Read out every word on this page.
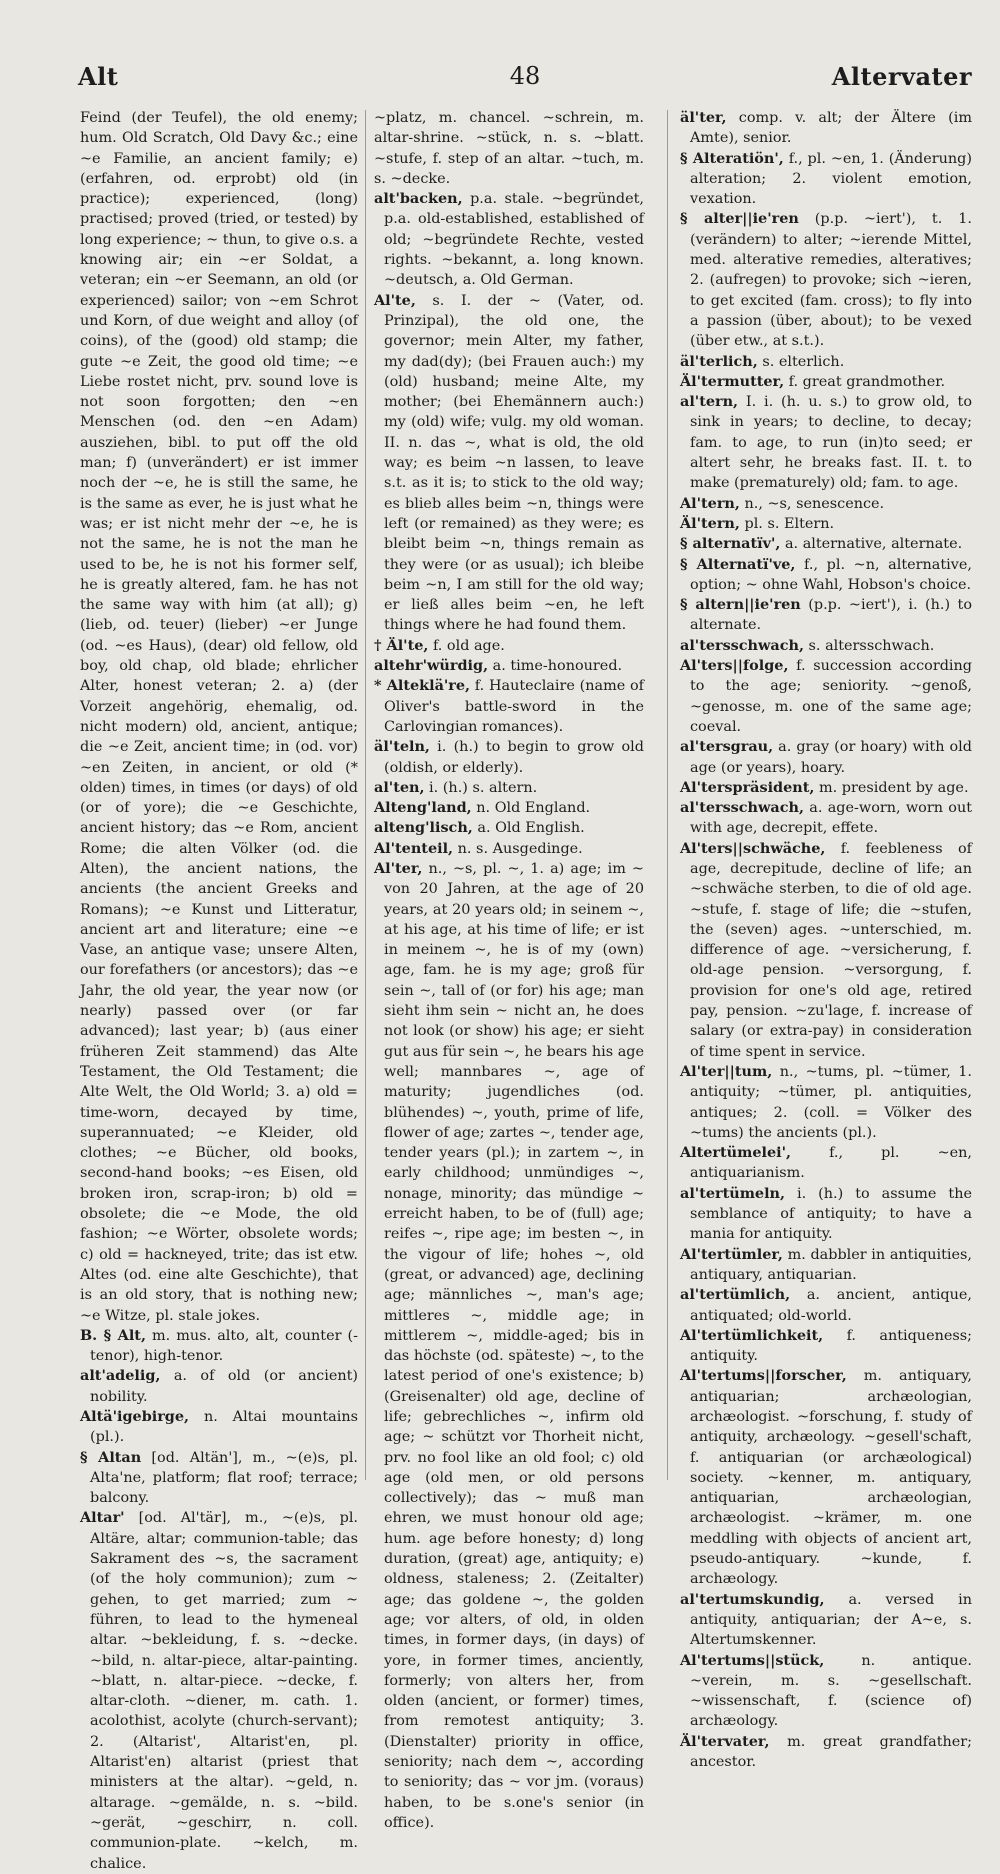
Alt	48	Altervater

Feind (der Teufel), the old enemy; hum. Old Scratch, Old Davy &c.; eine ~e Familie, an ancient family; e) (erfahren, od. erprobt) old (in practice); experienced, (long) practised; proved (tried, or tested) by long experience; ~ thun, to give o.s. a knowing air; ein ~er Soldat, a veteran; ein ~er Seemann, an old (or experienced) sailor; von ~em Schrot und Korn, of due weight and alloy (of coins), of the (good) old stamp; die gute ~e Zeit, the good old time; ~e Liebe rostet nicht, prv. sound love is not soon forgotten; den ~en Menschen (od. den ~en Adam) ausziehen, bibl. to put off the old man; f) (unverändert) er ist immer noch der ~e, he is still the same, he is the same as ever, he is just what he was; er ist nicht mehr der ~e, he is not the same, he is not the man he used to be, he is not his former self, he is greatly altered, fam. he has not the same way with him (at all); g) (lieb, od. teuer) (lieber) ~er Junge (od. ~es Haus), (dear) old fellow, old boy, old chap, old blade; ehrlicher Alter, honest veteran; 2. a) (der Vorzeit angehörig, ehemalig, od. nicht modern) old, ancient, antique; die ~e Zeit, ancient time; in (od. vor) ~en Zeiten, in ancient, or old (* olden) times, in times (or days) of old (or of yore); die ~e Geschichte, ancient history; das ~e Rom, ancient Rome; die alten Völker (od. die Alten), the ancient nations, the ancients (the ancient Greeks and Romans); ~e Kunst und Litteratur, ancient art and literature; eine ~e Vase, an antique vase; unsere Alten, our forefathers (or ancestors); das ~e Jahr, the old year, the year now (or nearly) passed over (or far advanced); last year; b) (aus einer früheren Zeit stammend) das Alte Testament, the Old Testament; die Alte Welt, the Old World; 3. a) old = time-worn, decayed by time, superannuated; ~e Kleider, old clothes; ~e Bücher, old books, second-hand books; ~es Eisen, old broken iron, scrap-iron; b) old = obsolete; die ~e Mode, the old fashion; ~e Wörter, obsolete words; c) old = hackneyed, trite; das ist etw. Altes (od. eine alte Geschichte), that is an old story, that is nothing new; ~e Witze, pl. stale jokes.

B. § Alt, m. mus. alto, alt, counter (-tenor), high-tenor.

alt'adelig, a. of old (or ancient) nobility.

Altä'igebirge, n. Altai mountains (pl.).

§ Altan [od. Altän'], m., ~(e)s, pl. Alta'ne, platform; flat roof; terrace; balcony.

Altar' [od. Al'tär], m., ~(e)s, pl. Altäre, altar; communion-table; das Sakrament des ~s, the sacrament (of the holy communion); zum ~ gehen, to get married; zum ~ führen, to lead to the hymeneal altar. ~bekleidung, f. s. ~decke. ~bild, n. altar-piece, altar-painting. ~blatt, n. altar-piece. ~decke, f. altar-cloth. ~diener, m. cath. 1. acolothist, acolyte (church-servant); 2. (Altarist', Altarist'en, pl. Altarist'en) altarist (priest that ministers at the altar). ~geld, n. altarage. ~gemälde, n. s. ~bild. ~gerät, ~geschirr, n. coll. communion-plate. ~kelch, m. chalice.

~platz, m. chancel. ~schrein, m. altar-shrine. ~stück, n. s. ~blatt. ~stufe, f. step of an altar. ~tuch, m. s. ~decke.

alt'backen, p.a. stale. ~begründet, p.a. old-established, established of old; ~begründete Rechte, vested rights. ~bekannt, a. long known. ~deutsch, a. Old German.

Al'te, s. I. der ~ (Vater, od. Prinzipal), the old one, the governor; mein Alter, my father, my dad(dy); (bei Frauen auch:) my (old) husband; meine Alte, my mother; (bei Ehemännern auch:) my (old) wife; vulg. my old woman. II. n. das ~, what is old, the old way; es beim ~n lassen, to leave s.t. as it is; to stick to the old way; es blieb alles beim ~n, things were left (or remained) as they were; es bleibt beim ~n, things remain as they were (or as usual); ich bleibe beim ~n, I am still for the old way; er ließ alles beim ~en, he left things where he had found them.

† Äl'te, f. old age.

altehr'würdig, a. time-honoured.

* Alteklä're, f. Hauteclaire (name of Oliver's battle-sword in the Carlovingian romances).

äl'teln, i. (h.) to begin to grow old (oldish, or elderly).

al'ten, i. (h.) s. altern.

Alteng'land, n. Old England.

alteng'lisch, a. Old English.

Al'tenteil, n. s. Ausgedinge.

Al'ter, n., ~s, pl. ~, 1. a) age; im ~ von 20 Jahren, at the age of 20 years, at 20 years old; in seinem ~, at his age, at his time of life; er ist in meinem ~, he is of my (own) age, fam. he is my age; groß für sein ~, tall of (or for) his age; man sieht ihm sein ~ nicht an, he does not look (or show) his age; er sieht gut aus für sein ~, he bears his age well; mannbares ~, age of maturity; jugendliches (od. blühendes) ~, youth, prime of life, flower of age; zartes ~, tender age, tender years (pl.); in zartem ~, in early childhood; unmündiges ~, nonage, minority; das mündige ~ erreicht haben, to be of (full) age; reifes ~, ripe age; im besten ~, in the vigour of life; hohes ~, old (great, or advanced) age, declining age; männliches ~, man's age; mittleres ~, middle age; in mittlerem ~, middle-aged; bis in das höchste (od. späteste) ~, to the latest period of one's existence; b) (Greisenalter) old age, decline of life; gebrechliches ~, infirm old age; ~ schützt vor Thorheit nicht, prv. no fool like an old fool; c) old age (old men, or old persons collectively); das ~ muß man ehren, we must honour old age; hum. age before honesty; d) long duration, (great) age, antiquity; e) oldness, staleness; 2. (Zeitalter) age; das goldene ~, the golden age; vor alters, of old, in olden times, in former days, (in days) of yore, in former times, anciently, formerly; von alters her, from olden (ancient, or former) times, from remotest antiquity; 3. (Dienstalter) priority in office, seniority; nach dem ~, according to seniority; das ~ vor jm. (voraus) haben, to be s.one's senior (in office).

äl'ter, comp. v. alt; der Ältere (im Amte), senior.

§ Alteratiön', f., pl. ~en, 1. (Änderung) alteration; 2. violent emotion, vexation.

§ alter||ie'ren (p.p. ~iert'), t. 1. (verändern) to alter; ~ierende Mittel, med. alterative remedies, alteratives; 2. (aufregen) to provoke; sich ~ieren, to get excited (fam. cross); to fly into a passion (über, about); to be vexed (über etw., at s.t.).

äl'terlich, s. elterlich.

Äl'termutter, f. great grandmother.

al'tern, I. i. (h. u. s.) to grow old, to sink in years; to decline, to decay; fam. to age, to run (in)to seed; er altert sehr, he breaks fast. II. t. to make (prematurely) old; fam. to age.

Al'tern, n., ~s, senescence.

Äl'tern, pl. s. Eltern.

§ alternatïv', a. alternative, alternate.

§ Alternatï've, f., pl. ~n, alternative, option; ~ ohne Wahl, Hobson's choice.

§ altern||ie'ren (p.p. ~iert'), i. (h.) to alternate.

al'tersschwach, s. altersschwach.

Al'ters||folge, f. succession according to the age; seniority. ~genoß, ~genosse, m. one of the same age; coeval.

al'tersgrau, a. gray (or hoary) with old age (or years), hoary.

Al'terspräsident, m. president by age.

al'tersschwach, a. age-worn, worn out with age, decrepit, effete.

Al'ters||schwäche, f. feebleness of age, decrepitude, decline of life; an ~schwäche sterben, to die of old age. ~stufe, f. stage of life; die ~stufen, the (seven) ages. ~unterschied, m. difference of age. ~versicherung, f. old-age pension. ~versorgung, f. provision for one's old age, retired pay, pension. ~zu'lage, f. increase of salary (or extra-pay) in consideration of time spent in service.

Al'ter||tum, n., ~tums, pl. ~tümer, 1. antiquity; ~tümer, pl. antiquities, antiques; 2. (coll. = Völker des ~tums) the ancients (pl.).

Altertümelei', f., pl. ~en, antiquarianism.

al'tertümeln, i. (h.) to assume the semblance of antiquity; to have a mania for antiquity.

Al'tertümler, m. dabbler in antiquities, antiquary, antiquarian.

al'tertümlich, a. ancient, antique, antiquated; old-world.

Al'tertümlichkeit, f. antiqueness; antiquity.

Al'tertums||forscher, m. antiquary, antiquarian; archæologian, archæologist. ~forschung, f. study of antiquity, archæology. ~gesell'schaft, f. antiquarian (or archæological) society. ~kenner, m. antiquary, antiquarian, archæologian, archæologist. ~krämer, m. one meddling with objects of ancient art, pseudo-antiquary. ~kunde, f. archæology.

al'tertumskundig, a. versed in antiquity, antiquarian; der A~e, s. Altertumskenner.

Al'tertums||stück, n. antique. ~verein, m. s. ~gesellschaft. ~wissenschaft, f. (science of) archæology.

Äl'tervater, m. great grandfather; ancestor.
